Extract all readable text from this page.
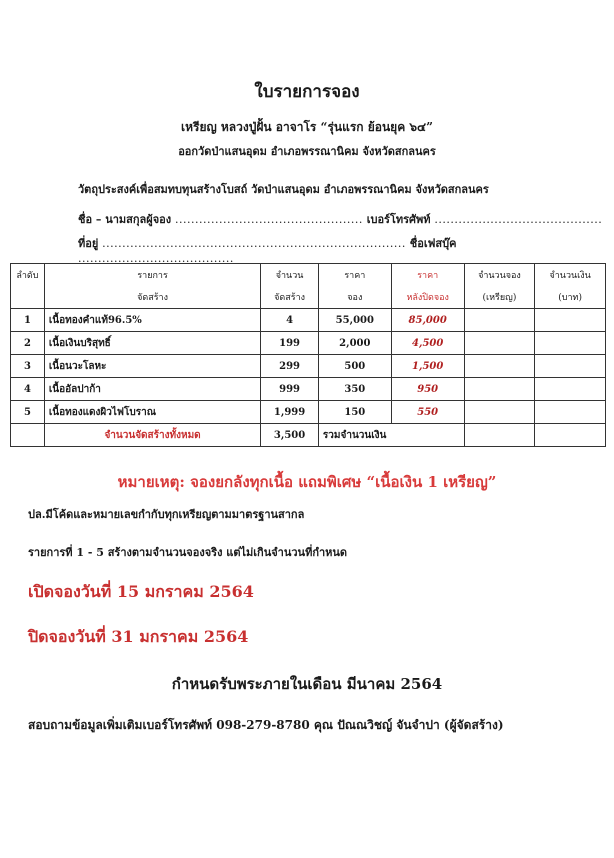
ใบรายการจอง
เหรียญ หลวงปู่ฝั้น อาจาโร “รุ่นแรก ย้อนยุค ๖๔”
ออกวัดป่าแสนอุดม อำเภอพรรณานิคม จังหวัดสกลนคร
วัตถุประสงค์เพื่อสมทบทุนสร้างโบสถ์ วัดป่าแสนอุดม อำเภอพรรณานิคม จังหวัดสกลนคร
ชื่อ – นามสกุลผู้จอง ............................................... เบอร์โทรศัพท์ ..........................................
ที่อยู่ ............................................................................ ชื่อเฟสบุ๊ค      .......................................
ลำดับ	รายการ	จำนวน	ราคา	ราคา	จำนวนจอง	จำนวนเงิน
	จัดสร้าง	จัดสร้าง	จอง	หลังปิดจอง	(เหรียญ)	(บาท)
1	เนื้อทองคำแท้96.5%	4	55,000	85,000		
2	เนื้อเงินบริสุทธิ์	199	2,000	4,500		
3	เนื้อนวะโลหะ	299	500	1,500		
4	เนื้ออัลปาก้า	999	350	950		
5	เนื้อทองแดงผิวไฟโบราณ	1,999	150	550		
	จำนวนจัดสร้างทั้งหมด	3,500	รวมจำนวนเงิน			
หมายเหตุ: จองยกลังทุกเนื้อ แถมพิเศษ “เนื้อเงิน 1 เหรียญ”
ปล.มีโค้ดและหมายเลขกำกับทุกเหรียญตามมาตรฐานสากล
รายการที่ 1 - 5 สร้างตามจำนวนจองจริง แต่ไม่เกินจำนวนที่กำหนด
เปิดจองวันที่ 15 มกราคม 2564
ปิดจองวันที่ 31 มกราคม 2564
กำหนดรับพระภายในเดือน มีนาคม 2564
สอบถามข้อมูลเพิ่มเติมเบอร์โทรศัพท์ 098-279-8780 คุณ ปัณณวิชญ์ จันจำปา (ผู้จัดสร้าง)
